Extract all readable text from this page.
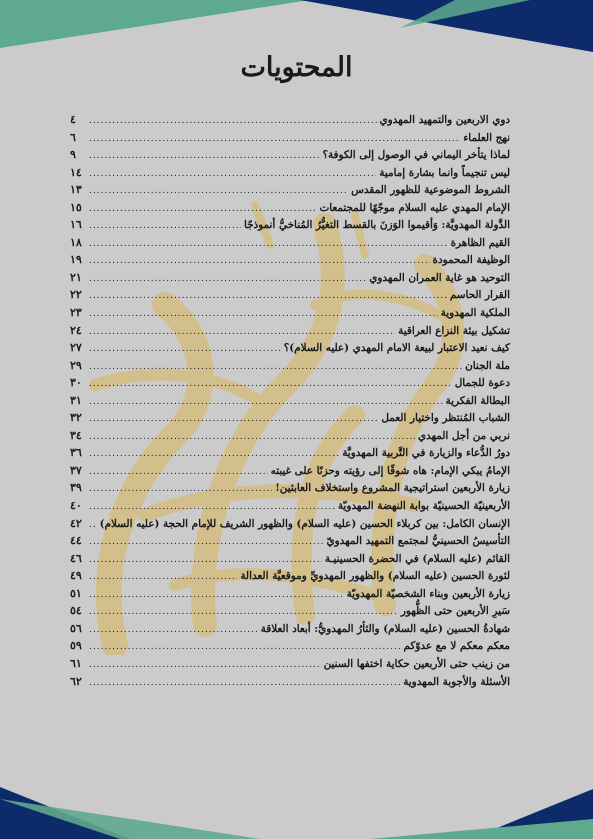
المحتويات
دوي الاربعين والتمهيد المهدوي
.....
٤
نهج العلماء
.....
٦
لماذا يتأخر اليماني في الوصول إلى الكوفة؟
.....
٩
ليس تنجيماً وانما بشارة إمامية
.....
١٤
الشروط الموضوعية للظهور المقدس
.....
١٣
الإمام المهدي عليه السلام موجّهًا للمجتمعات
.....
١٥
الدَّولة المهدويَّة: وَأقيموا الوَزنَ بالقسط التغيُّرُ المُناخيُّ أنموذجًا
.....
١٦
القيم الظاهرة
.....
١٨
الوظيفة المحمودة
.....
١٩
التوحيد هو غاية العمران المهدوي
.....
٢١
القرار الحاسم
.....
٢٢
الملكية المهدوية
.....
٢٣
تشكيل بيئة النزاع العراقية
.....
٢٤
كيف نعيد الاعتبار لبيعة الامام المهدي (عليه السلام)؟
.....
٢٧
ملة الجنان
.....
٢٩
دعوة للجمال
.....
٣٠
البطالة الفكرية
.....
٣١
الشباب المُنتظر واختيار العمل
.....
٣٢
نربي من أجل المهدي
.....
٣٤
دورُ الدُّعاء والزيارة في التَّربية المهدويَّة
.....
٣٦
الإمامُ يبكي الإمام: هاه شوقًا إلى رؤيته وحزنًا على غيبته
.....
٣٧
زيارة الأربعين استراتيجية المشروع واستخلاف العابثين!
.....
٣٩
الأربعينيّة الحسينيّة بوابة النهضة المهدويّة
.....
٤٠
الإنسان الكامل: بين كربلاء الحسين (عليه السلام) والظهور الشريف للإمام الحجة (عليه السلام)
.....
٤٢
التأسيسُ الحسينيُّ لمجتمع التمهيد المهدويّ
.....
٤٤
القائم (عليه السلام) في الحضرة الحسينيـة
.....
٤٦
لثورة الحسين (عليه السلام) والظهور المهدويِّ وموقعيَّة العدالة
.....
٤٩
زيارة الأربعين وبناء الشخصيّة المهدويّة
.....
٥١
سَيرِ الأربعين حتى الظُّهور
.....
٥٤
شهادةُ الحسين (عليه السلام) والثأرُ المهدويُّ: أبعاد العلاقة
.....
٥٦
معكم معكم لا مع عدوّكم
.....
٥٩
من زينب حتى الأربعين حكاية اختفها السنين
.....
٦١
الأسئلة والأجوبة المهدوية
.....
٦٢
